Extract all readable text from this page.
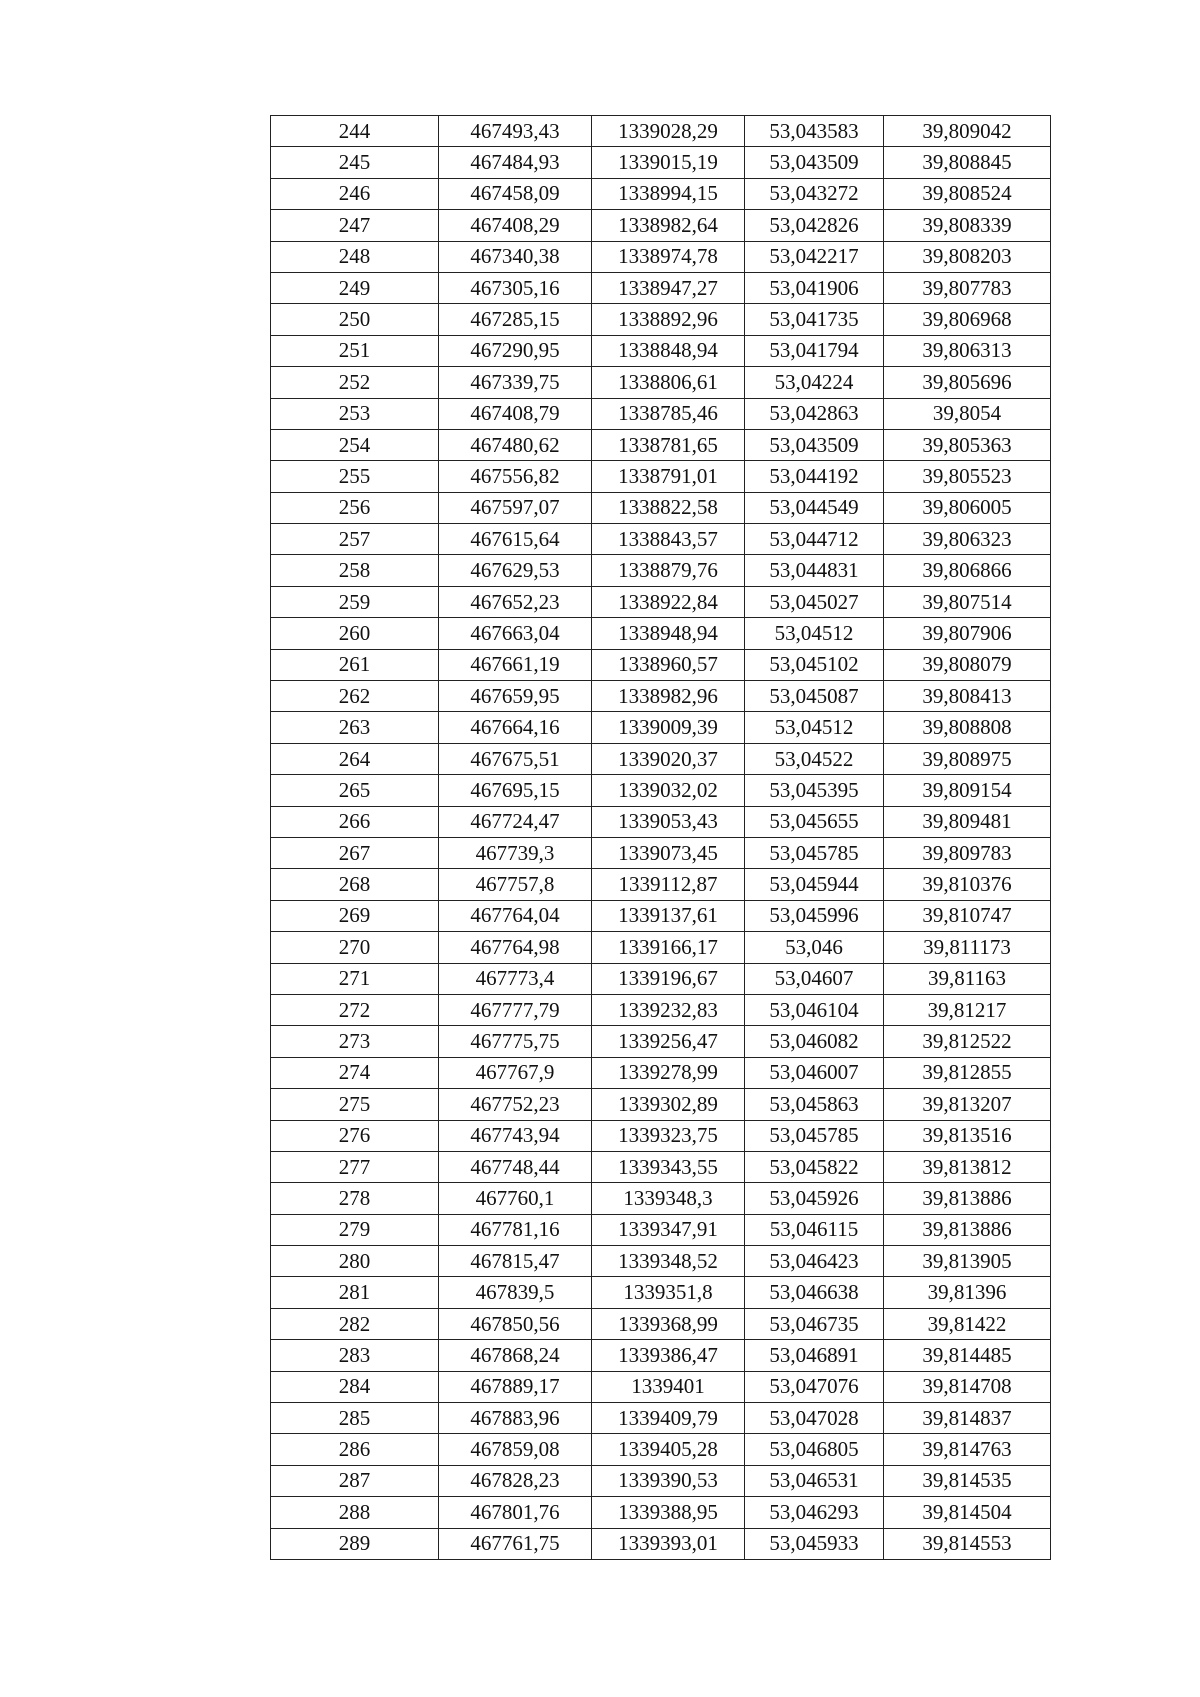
244	467493,43	1339028,29	53,043583	39,809042
245	467484,93	1339015,19	53,043509	39,808845
246	467458,09	1338994,15	53,043272	39,808524
247	467408,29	1338982,64	53,042826	39,808339
248	467340,38	1338974,78	53,042217	39,808203
249	467305,16	1338947,27	53,041906	39,807783
250	467285,15	1338892,96	53,041735	39,806968
251	467290,95	1338848,94	53,041794	39,806313
252	467339,75	1338806,61	53,04224	39,805696
253	467408,79	1338785,46	53,042863	39,8054
254	467480,62	1338781,65	53,043509	39,805363
255	467556,82	1338791,01	53,044192	39,805523
256	467597,07	1338822,58	53,044549	39,806005
257	467615,64	1338843,57	53,044712	39,806323
258	467629,53	1338879,76	53,044831	39,806866
259	467652,23	1338922,84	53,045027	39,807514
260	467663,04	1338948,94	53,04512	39,807906
261	467661,19	1338960,57	53,045102	39,808079
262	467659,95	1338982,96	53,045087	39,808413
263	467664,16	1339009,39	53,04512	39,808808
264	467675,51	1339020,37	53,04522	39,808975
265	467695,15	1339032,02	53,045395	39,809154
266	467724,47	1339053,43	53,045655	39,809481
267	467739,3	1339073,45	53,045785	39,809783
268	467757,8	1339112,87	53,045944	39,810376
269	467764,04	1339137,61	53,045996	39,810747
270	467764,98	1339166,17	53,046	39,811173
271	467773,4	1339196,67	53,04607	39,81163
272	467777,79	1339232,83	53,046104	39,81217
273	467775,75	1339256,47	53,046082	39,812522
274	467767,9	1339278,99	53,046007	39,812855
275	467752,23	1339302,89	53,045863	39,813207
276	467743,94	1339323,75	53,045785	39,813516
277	467748,44	1339343,55	53,045822	39,813812
278	467760,1	1339348,3	53,045926	39,813886
279	467781,16	1339347,91	53,046115	39,813886
280	467815,47	1339348,52	53,046423	39,813905
281	467839,5	1339351,8	53,046638	39,81396
282	467850,56	1339368,99	53,046735	39,81422
283	467868,24	1339386,47	53,046891	39,814485
284	467889,17	1339401	53,047076	39,814708
285	467883,96	1339409,79	53,047028	39,814837
286	467859,08	1339405,28	53,046805	39,814763
287	467828,23	1339390,53	53,046531	39,814535
288	467801,76	1339388,95	53,046293	39,814504
289	467761,75	1339393,01	53,045933	39,814553
